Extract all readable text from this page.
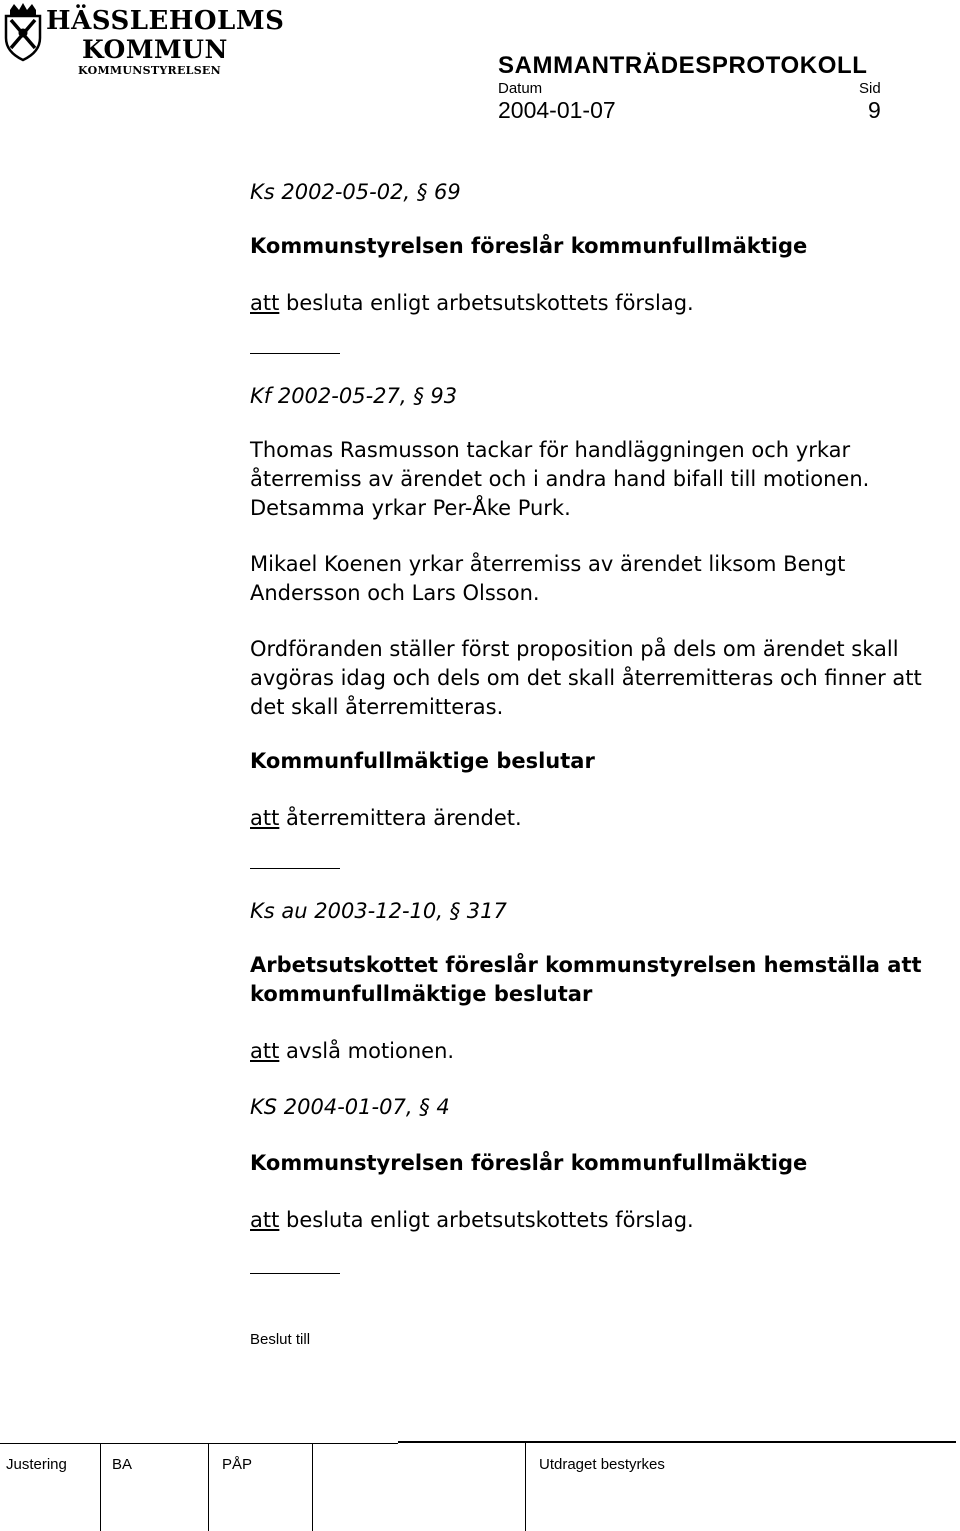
HÄSSLEHOLMS
KOMMUN
KOMMUNSTYRELSEN	SAMMANTRÄDESPROTOKOLL
Datum	Sid
2004-01-07	9

Ks 2002-05-02, § 69

Kommunstyrelsen föreslår kommunfullmäktige

att besluta enligt arbetsutskottets förslag.

Kf 2002-05-27, § 93

Thomas Rasmusson tackar för handläggningen och yrkar återremiss av ärendet och i andra hand bifall till motionen. Detsamma yrkar Per-Åke Purk.

Mikael Koenen yrkar återremiss av ärendet liksom Bengt Andersson och Lars Olsson.

Ordföranden ställer först proposition på dels om ärendet skall avgöras idag och dels om det skall återremitteras och finner att det skall återremitteras.

Kommunfullmäktige beslutar

att återremittera ärendet.

Ks au 2003-12-10, § 317

Arbetsutskottet föreslår kommunstyrelsen hemställa att kommunfullmäktige beslutar

att avslå motionen.

KS 2004-01-07, § 4

Kommunstyrelsen föreslår kommunfullmäktige

att besluta enligt arbetsutskottets förslag.

Beslut till

Justering	BA	PÅP	Utdraget bestyrkes
